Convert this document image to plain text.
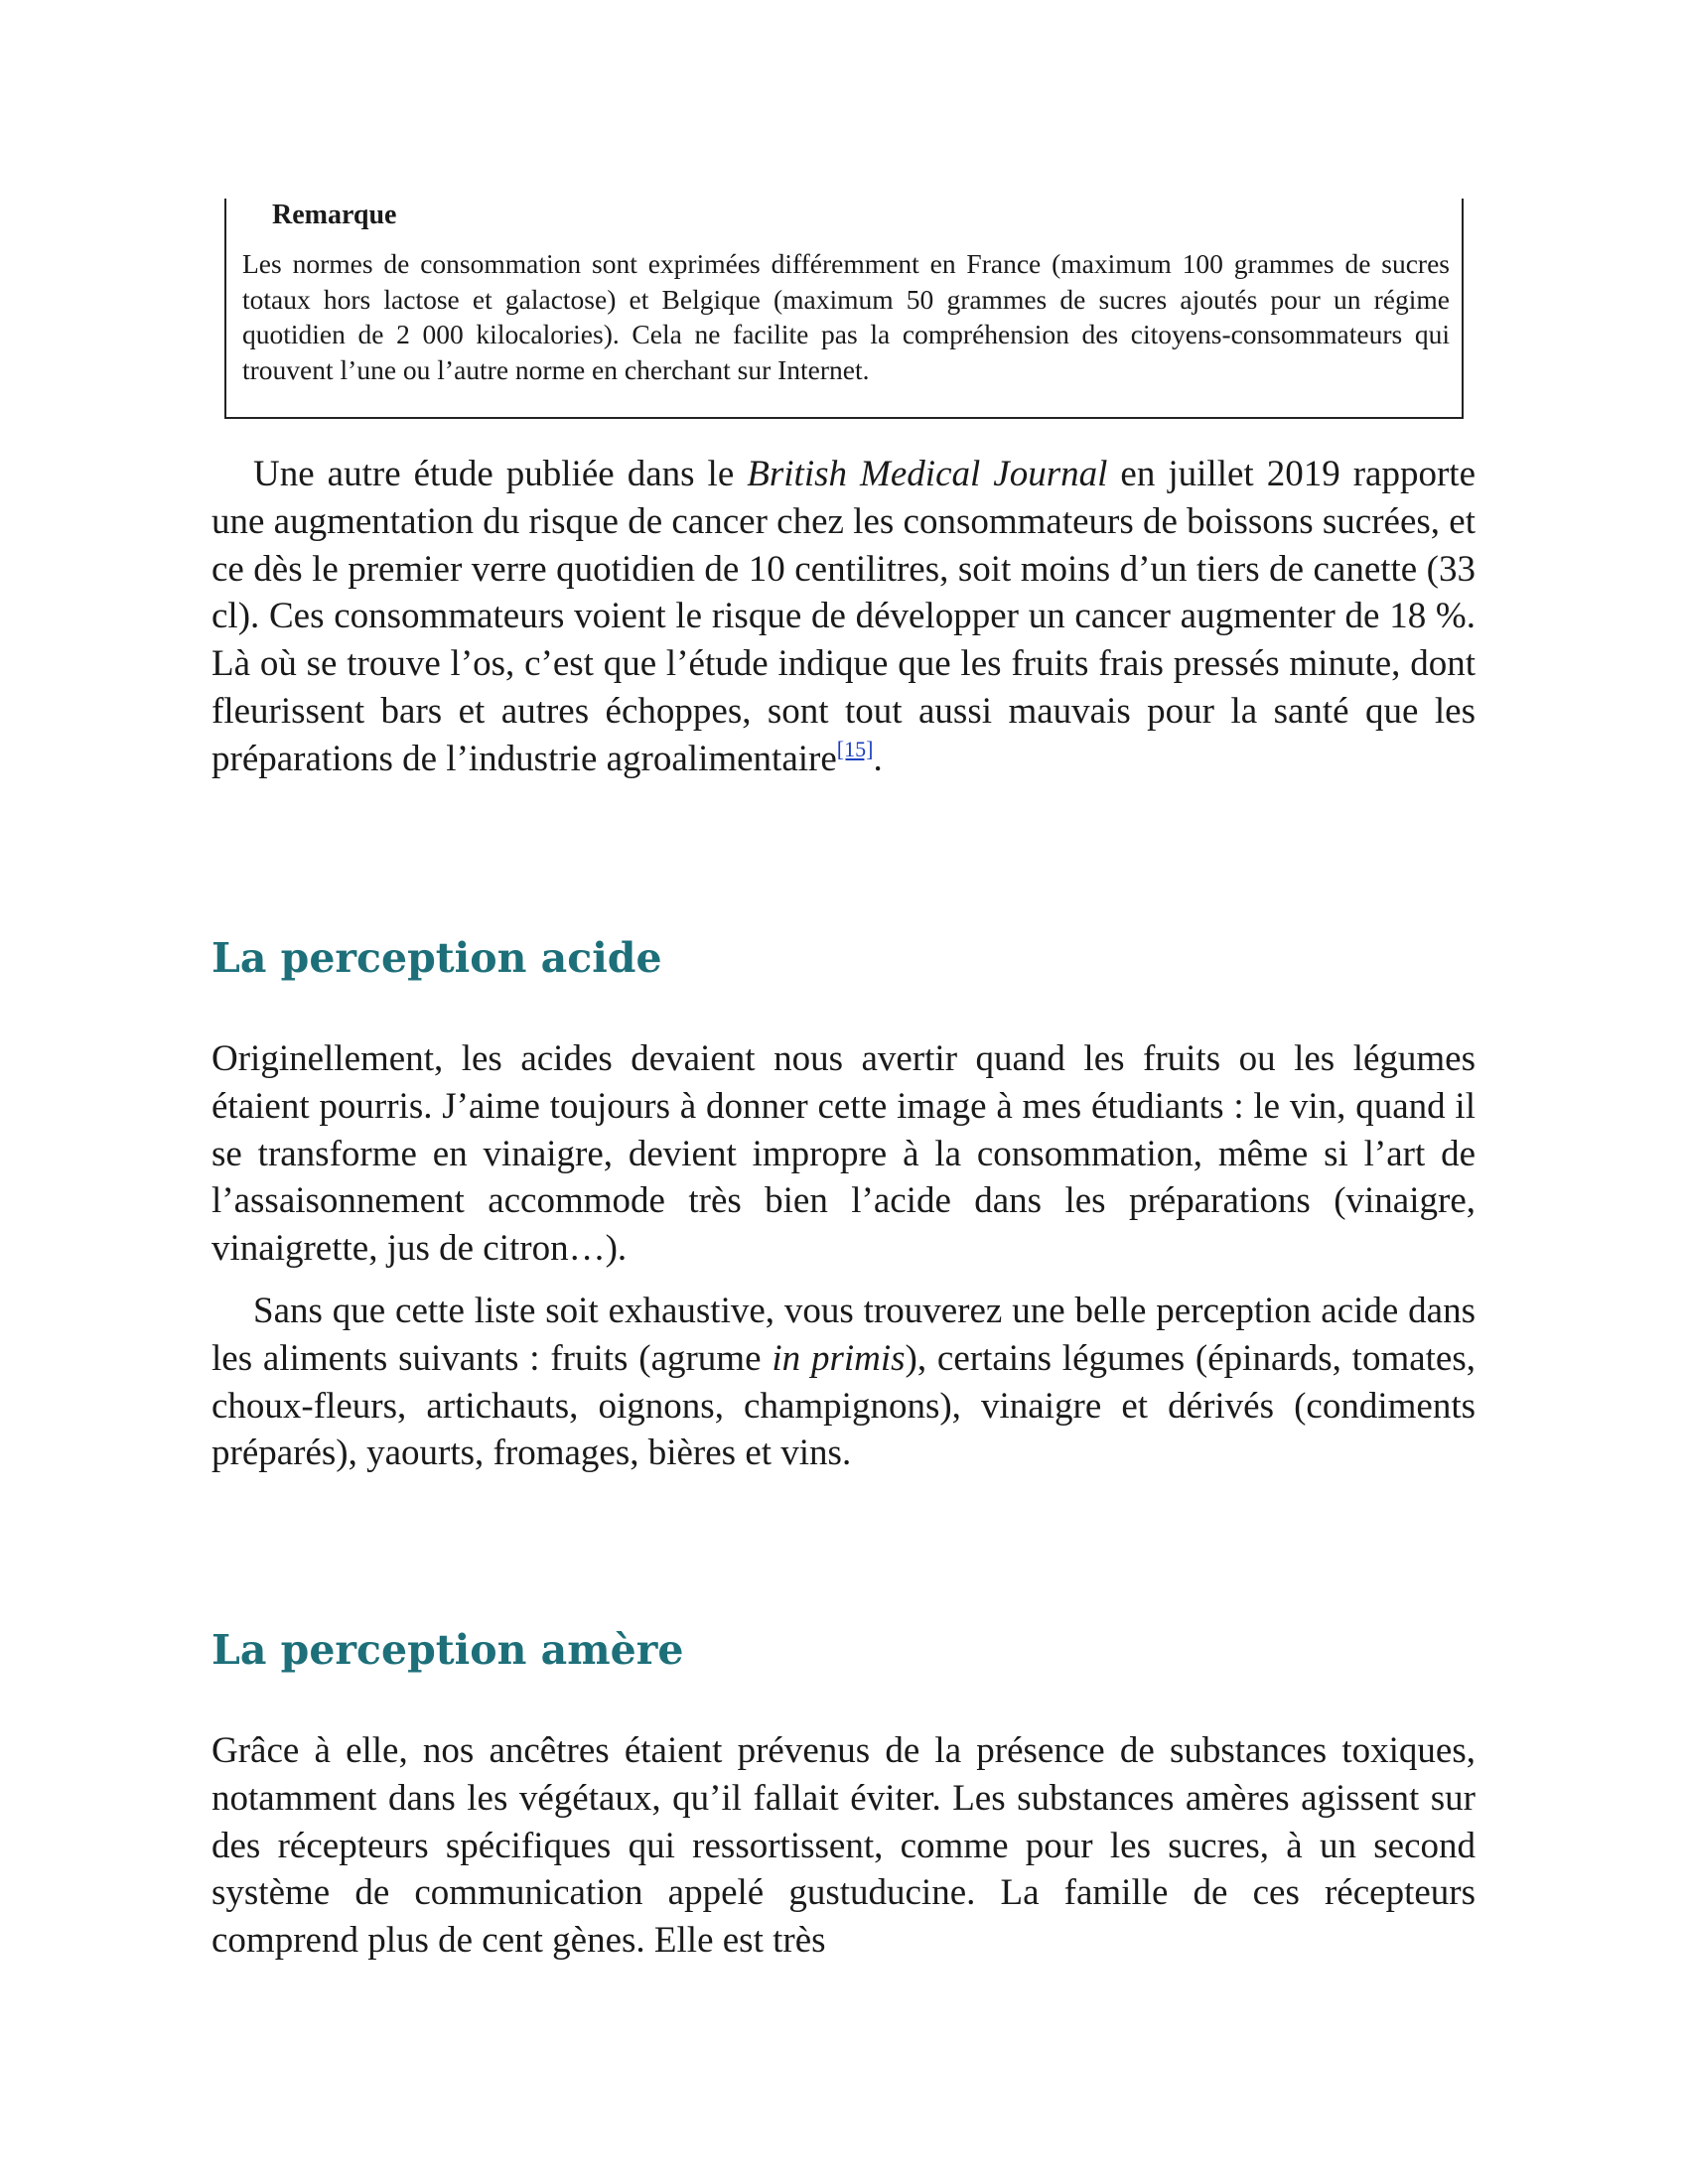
Remarque
Les normes de consommation sont exprimées différemment en France (maximum 100 grammes de sucres totaux hors lactose et galactose) et Belgique (maximum 50 grammes de sucres ajoutés pour un régime quotidien de 2 000 kilocalories). Cela ne facilite pas la compréhension des citoyens-consommateurs qui trouvent l’une ou l’autre norme en cherchant sur Internet.

Une autre étude publiée dans le British Medical Journal en juillet 2019 rapporte une augmentation du risque de cancer chez les consommateurs de boissons sucrées, et ce dès le premier verre quotidien de 10 centilitres, soit moins d’un tiers de canette (33 cl). Ces consommateurs voient le risque de développer un cancer augmenter de 18 %. Là où se trouve l’os, c’est que l’étude indique que les fruits frais pressés minute, dont fleurissent bars et autres échoppes, sont tout aussi mauvais pour la santé que les préparations de l’industrie agroalimentaire[15].

La perception acide

Originellement, les acides devaient nous avertir quand les fruits ou les légumes étaient pourris. J’aime toujours à donner cette image à mes étudiants : le vin, quand il se transforme en vinaigre, devient impropre à la consommation, même si l’art de l’assaisonnement accommode très bien l’acide dans les préparations (vinaigre, vinaigrette, jus de citron…).

Sans que cette liste soit exhaustive, vous trouverez une belle perception acide dans les aliments suivants : fruits (agrume in primis), certains légumes (épinards, tomates, choux-fleurs, artichauts, oignons, champignons), vinaigre et dérivés (condiments préparés), yaourts, fromages, bières et vins.

La perception amère

Grâce à elle, nos ancêtres étaient prévenus de la présence de substances toxiques, notamment dans les végétaux, qu’il fallait éviter. Les substances amères agissent sur des récepteurs spécifiques qui ressortissent, comme pour les sucres, à un second système de communication appelé gustuducine. La famille de ces récepteurs comprend plus de cent gènes. Elle est très
